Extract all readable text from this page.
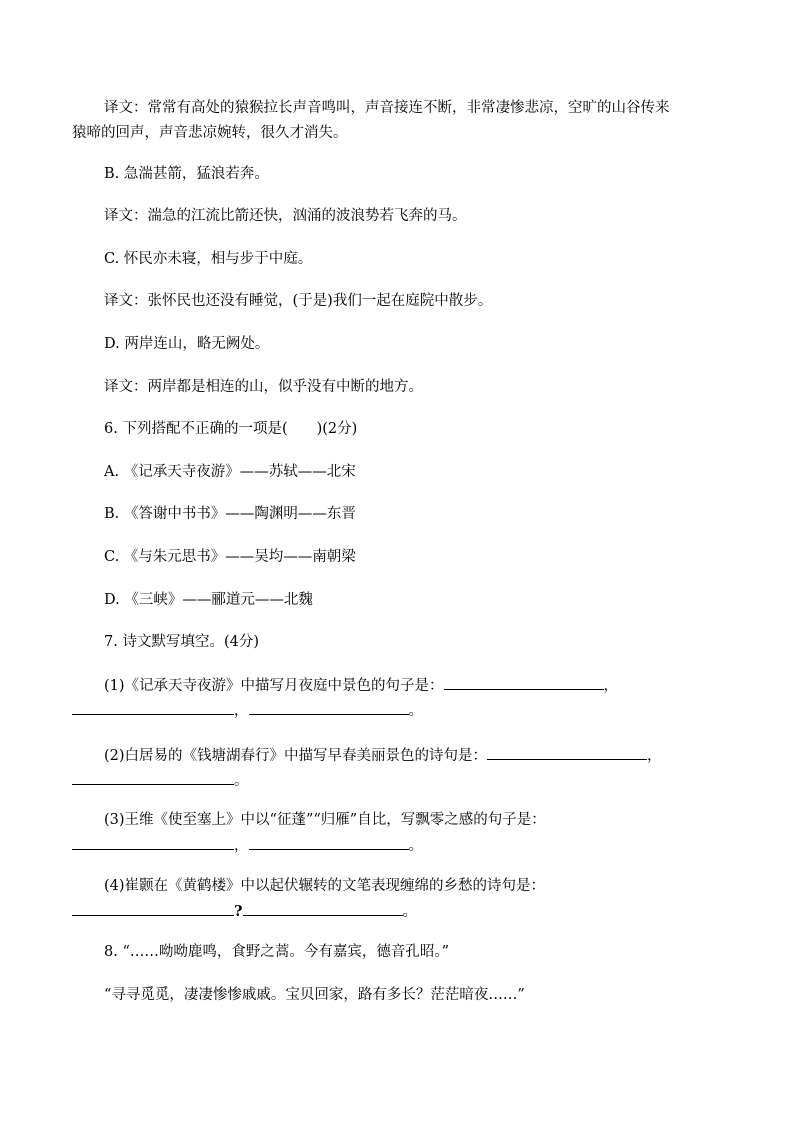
译文：常常有高处的猿猴拉长声音鸣叫，声音接连不断，非常凄惨悲凉，空旷的山谷传来
猿啼的回声，声音悲凉婉转，很久才消失。
B. 急湍甚箭，猛浪若奔。
译文：湍急的江流比箭还快，汹涌的波浪势若飞奔的马。
C. 怀民亦未寝，相与步于中庭。
译文：张怀民也还没有睡觉，(于是)我们一起在庭院中散步。
D. 两岸连山，略无阙处。
译文：两岸都是相连的山，似乎没有中断的地方。
6. 下列搭配不正确的一项是(　　)(2分)
A. 《记承天寺夜游》——苏轼——北宋
B. 《答谢中书书》——陶渊明——东晋
C. 《与朱元思书》——吴均——南朝梁
D. 《三峡》——郦道元——北魏
7. 诗文默写填空。(4分)
(1)《记承天寺夜游》中描写月夜庭中景色的句子是：	，
，	。
(2)白居易的《钱塘湖春行》中描写早春美丽景色的诗句是：	，
。
(3)王维《使至塞上》中以“征蓬”“归雁”自比，写飘零之感的句子是：
，	。
(4)崔颢在《黄鹤楼》中以起伏辗转的文笔表现缠绵的乡愁的诗句是：
?	。
8. “……呦呦鹿鸣，食野之蒿。今有嘉宾，德音孔昭。”
“寻寻觅觅，凄凄惨惨戚戚。宝贝回家，路有多长？茫茫暗夜……”
